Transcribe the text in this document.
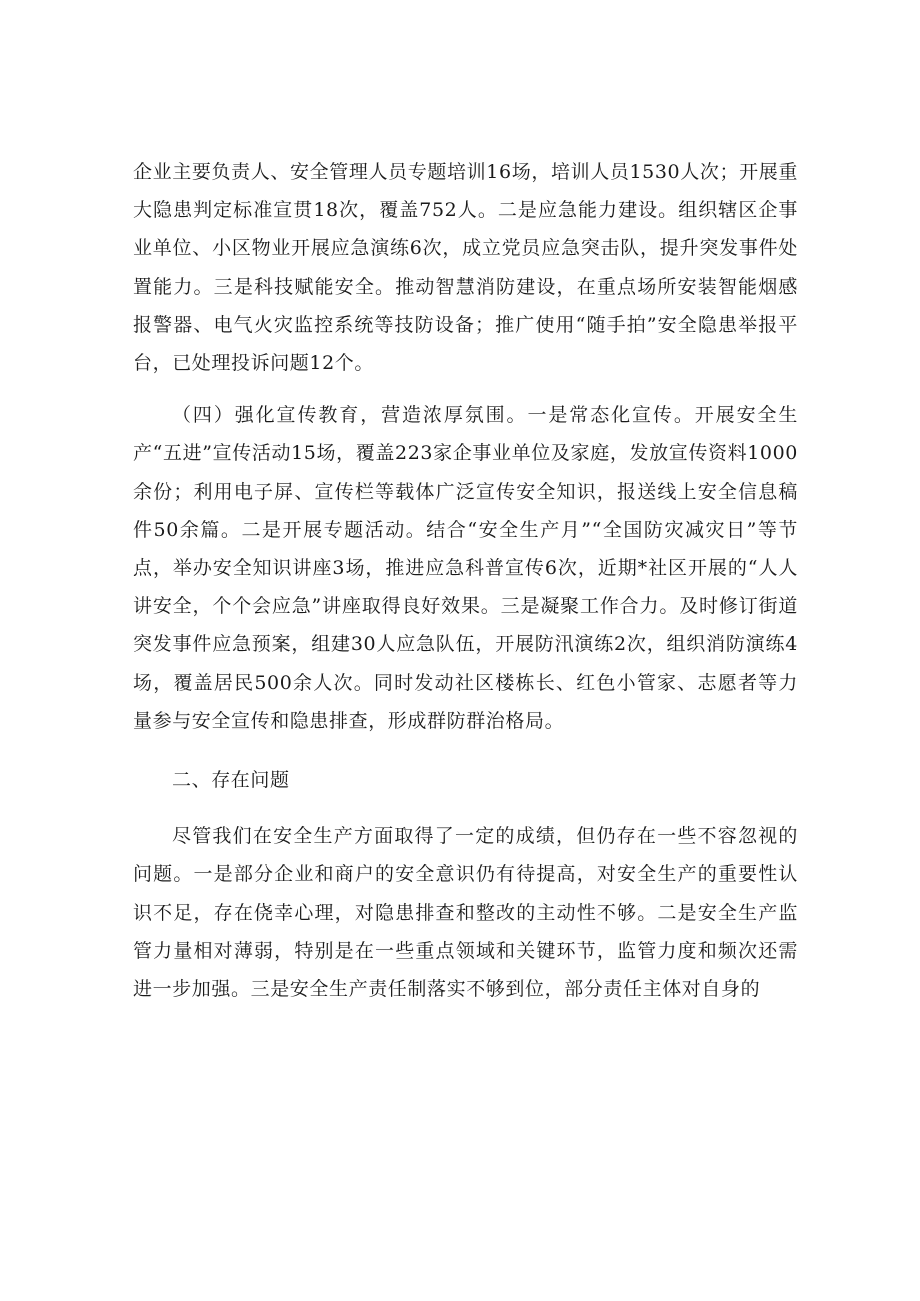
企业主要负责人、安全管理人员专题培训16场，培训人员1530人次；开展重大隐患判定标准宣贯18次，覆盖752人。二是应急能力建设。组织辖区企事业单位、小区物业开展应急演练6次，成立党员应急突击队，提升突发事件处置能力。三是科技赋能安全。推动智慧消防建设，在重点场所安装智能烟感报警器、电气火灾监控系统等技防设备；推广使用“随手拍”安全隐患举报平台，已处理投诉问题12个。

（四）强化宣传教育，营造浓厚氛围。一是常态化宣传。开展安全生产“五进”宣传活动15场，覆盖223家企事业单位及家庭，发放宣传资料1000余份；利用电子屏、宣传栏等载体广泛宣传安全知识，报送线上安全信息稿件50余篇。二是开展专题活动。结合“安全生产月”“全国防灾减灾日”等节点，举办安全知识讲座3场，推进应急科普宣传6次，近期*社区开展的“人人讲安全，个个会应急”讲座取得良好效果。三是凝聚工作合力。及时修订街道突发事件应急预案，组建30人应急队伍，开展防汛演练2次，组织消防演练4场，覆盖居民500余人次。同时发动社区楼栋长、红色小管家、志愿者等力量参与安全宣传和隐患排查，形成群防群治格局。

二、存在问题

尽管我们在安全生产方面取得了一定的成绩，但仍存在一些不容忽视的问题。一是部分企业和商户的安全意识仍有待提高，对安全生产的重要性认识不足，存在侥幸心理，对隐患排查和整改的主动性不够。二是安全生产监管力量相对薄弱，特别是在一些重点领域和关键环节，监管力度和频次还需进一步加强。三是安全生产责任制落实不够到位，部分责任主体对自身的
